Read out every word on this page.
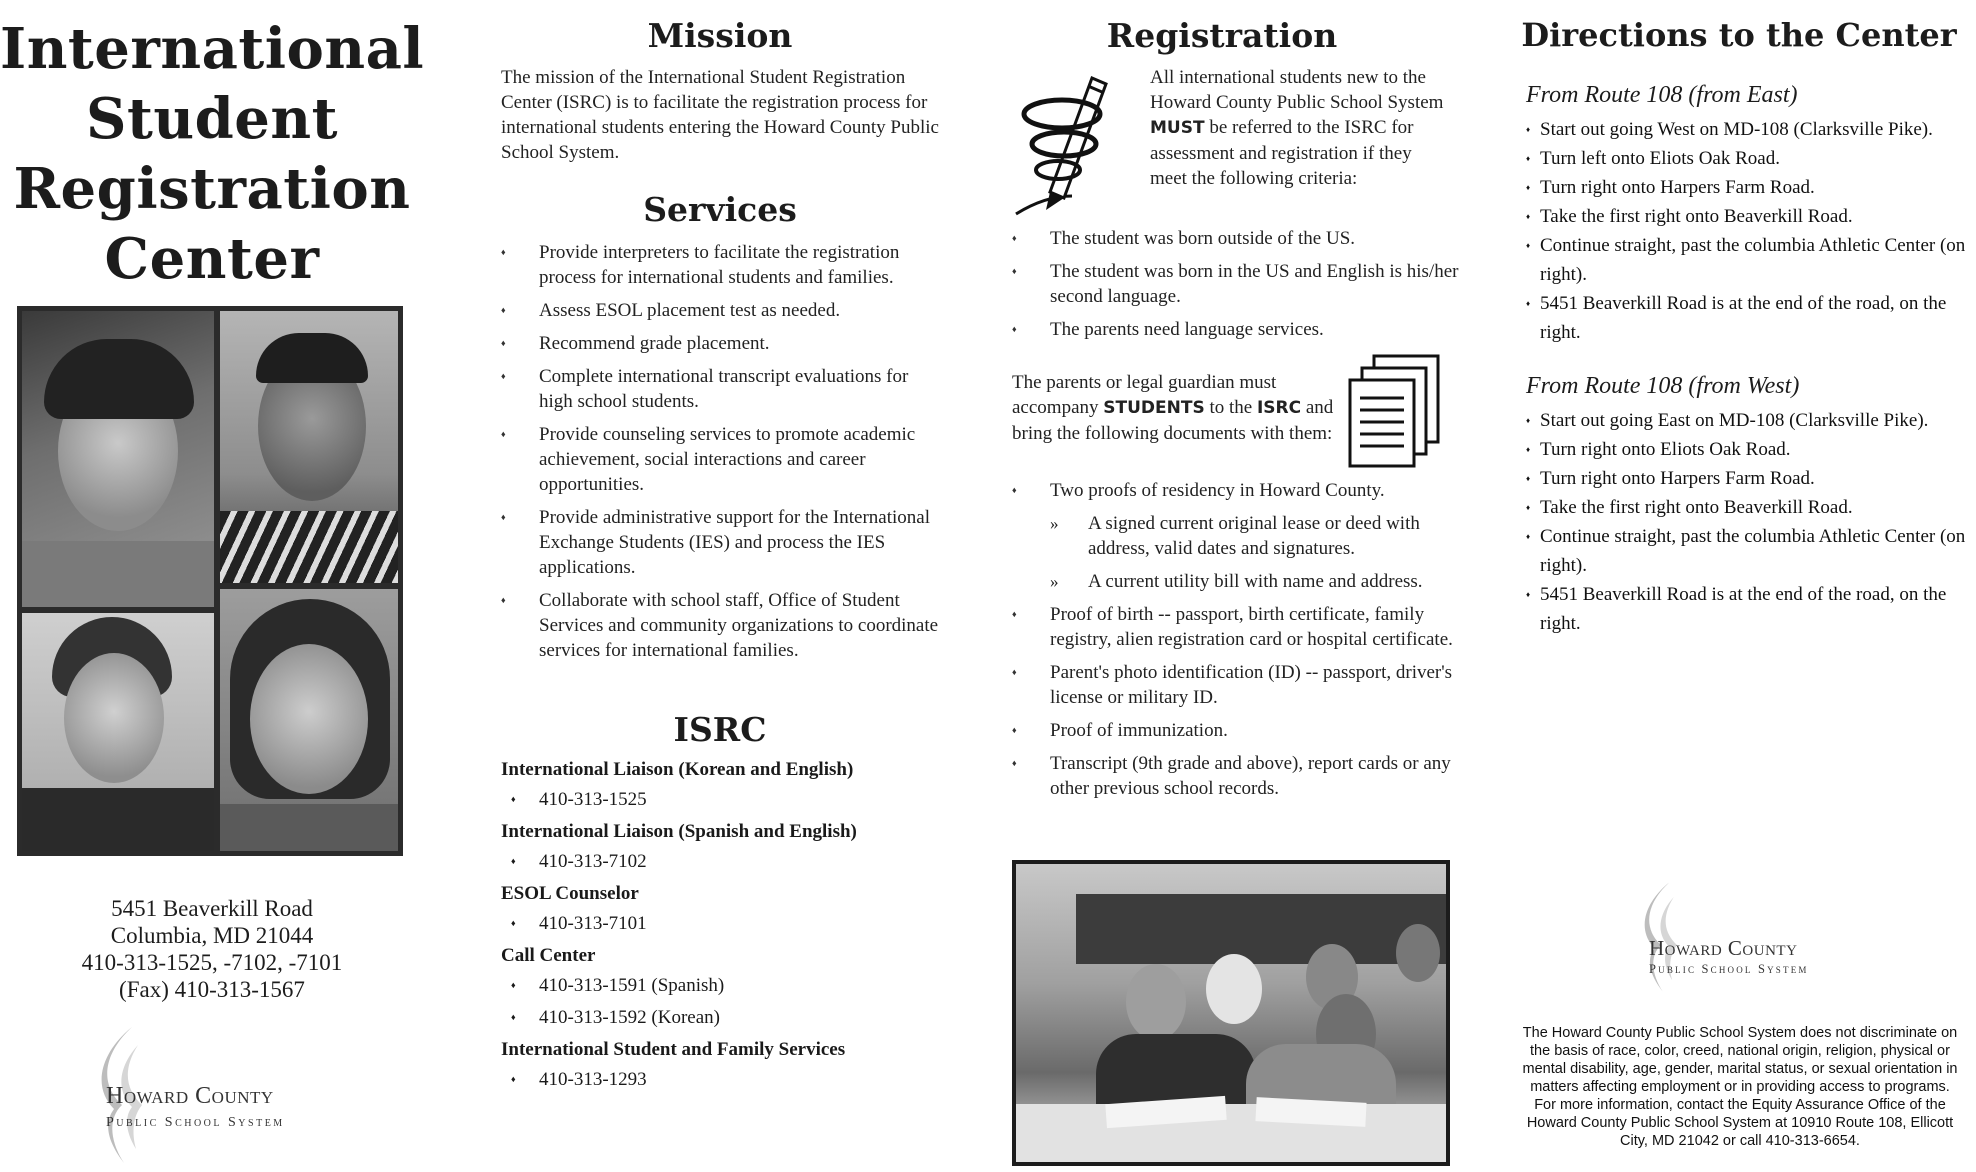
International
Student
Registration
Center
5451 Beaverkill Road
Columbia, MD 21044
410-313-1525, -7102, -7101
(Fax) 410-313-1567
Howard County
Public School System
Mission
The mission of the International Student Registration Center (ISRC) is to facilitate the registration process for international students entering the Howard County Public School System.
Services
♦ Provide interpreters to facilitate the registration process for international students and families.
♦ Assess ESOL placement test as needed.
♦ Recommend grade placement.
♦ Complete international transcript evaluations for high school students.
♦ Provide counseling services to promote academic achievement, social interactions and career opportunities.
♦ Provide administrative support for the International Exchange Students (IES) and process the IES applications.
♦ Collaborate with school staff, Office of Student Services and community organizations to coordinate services for international families.
ISRC
International Liaison (Korean and English)
♦ 410-313-1525
International Liaison (Spanish and English)
♦ 410-313-7102
ESOL Counselor
♦ 410-313-7101
Call Center
♦ 410-313-1591 (Spanish)
♦ 410-313-1592 (Korean)
International Student and Family Services
♦ 410-313-1293
Registration
All international students new to the Howard County Public School System MUST be referred to the ISRC for assessment and registration if they meet the following criteria:
♦ The student was born outside of the US.
♦ The student was born in the US and English is his/her second language.
♦ The parents need language services.
The parents or legal guardian must accompany STUDENTS to the ISRC and bring the following documents with them:
♦ Two proofs of residency in Howard County.
» A signed current original lease or deed with address, valid dates and signatures.
» A current utility bill with name and address.
♦ Proof of birth -- passport, birth certificate, family registry, alien registration card or hospital certificate.
♦ Parent's photo identification (ID) -- passport, driver's license or military ID.
♦ Proof of immunization.
♦ Transcript (9th grade and above), report cards or any other previous school records.
Directions to the Center
From Route 108 (from East)
♦ Start out going West on MD-108 (Clarksville Pike).
♦ Turn left onto Eliots Oak Road.
♦ Turn right onto Harpers Farm Road.
♦ Take the first right onto Beaverkill Road.
♦ Continue straight, past the columbia Athletic Center (on right).
♦ 5451 Beaverkill Road is at the end of the road, on the right.
From Route 108 (from West)
♦ Start out going East on MD-108 (Clarksville Pike).
♦ Turn right onto Eliots Oak Road.
♦ Turn right onto Harpers Farm Road.
♦ Take the first right onto Beaverkill Road.
♦ Continue straight, past the columbia Athletic Center (on right).
♦ 5451 Beaverkill Road is at the end of the road, on the right.
Howard County
Public School System
The Howard County Public School System does not discriminate on the basis of race, color, creed, national origin, religion, physical or mental disability, age, gender, marital status, or sexual orientation in matters affecting employment or in providing access to programs. For more information, contact the Equity Assurance Office of the Howard County Public School System at 10910 Route 108, Ellicott City, MD 21042 or call 410-313-6654.
